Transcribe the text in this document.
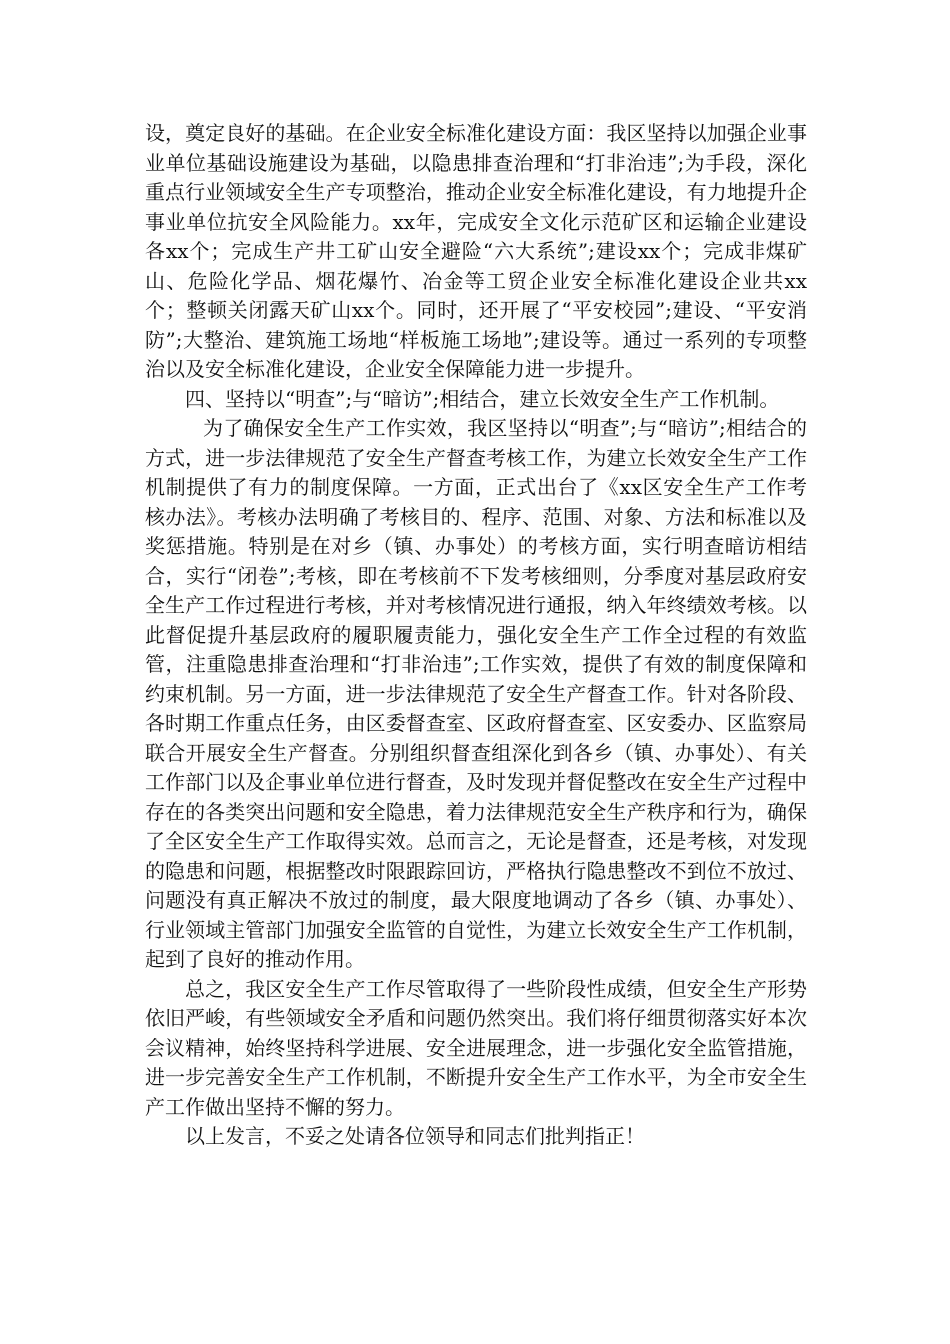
设，奠定良好的基础。在企业安全标准化建设方面：我区坚持以加强企业事业单位基础设施建设为基础，以隐患排查治理和“打非治违”;为手段，深化重点行业领域安全生产专项整治，推动企业安全标准化建设，有力地提升企事业单位抗安全风险能力。xx年，完成安全文化示范矿区和运输企业建设各xx个；完成生产井工矿山安全避险“六大系统”;建设xx个；完成非煤矿山、危险化学品、烟花爆竹、冶金等工贸企业安全标准化建设企业共xx个；整顿关闭露天矿山xx个。同时，还开展了“平安校园”;建设、“平安消防”;大整治、建筑施工场地“样板施工场地”;建设等。通过一系列的专项整治以及安全标准化建设，企业安全保障能力进一步提升。

四、坚持以“明查”;与“暗访”;相结合，建立长效安全生产工作机制。

为了确保安全生产工作实效，我区坚持以“明查”;与“暗访”;相结合的方式，进一步法律规范了安全生产督查考核工作，为建立长效安全生产工作机制提供了有力的制度保障。一方面，正式出台了《xx区安全生产工作考核办法》。考核办法明确了考核目的、程序、范围、对象、方法和标准以及奖惩措施。特别是在对乡（镇、办事处）的考核方面，实行明查暗访相结合，实行“闭卷”;考核，即在考核前不下发考核细则，分季度对基层政府安全生产工作过程进行考核，并对考核情况进行通报，纳入年终绩效考核。以此督促提升基层政府的履职履责能力，强化安全生产工作全过程的有效监管，注重隐患排查治理和“打非治违”;工作实效，提供了有效的制度保障和约束机制。另一方面，进一步法律规范了安全生产督查工作。针对各阶段、各时期工作重点任务，由区委督查室、区政府督查室、区安委办、区监察局联合开展安全生产督查。分别组织督查组深化到各乡（镇、办事处）、有关工作部门以及企事业单位进行督查，及时发现并督促整改在安全生产过程中存在的各类突出问题和安全隐患，着力法律规范安全生产秩序和行为，确保了全区安全生产工作取得实效。总而言之，无论是督查，还是考核，对发现的隐患和问题，根据整改时限跟踪回访，严格执行隐患整改不到位不放过、问题没有真正解决不放过的制度，最大限度地调动了各乡（镇、办事处）、行业领域主管部门加强安全监管的自觉性，为建立长效安全生产工作机制，起到了良好的推动作用。

总之，我区安全生产工作尽管取得了一些阶段性成绩，但安全生产形势依旧严峻，有些领域安全矛盾和问题仍然突出。我们将仔细贯彻落实好本次会议精神，始终坚持科学进展、安全进展理念，进一步强化安全监管措施，进一步完善安全生产工作机制，不断提升安全生产工作水平，为全市安全生产工作做出坚持不懈的努力。

以上发言，不妥之处请各位领导和同志们批判指正！
